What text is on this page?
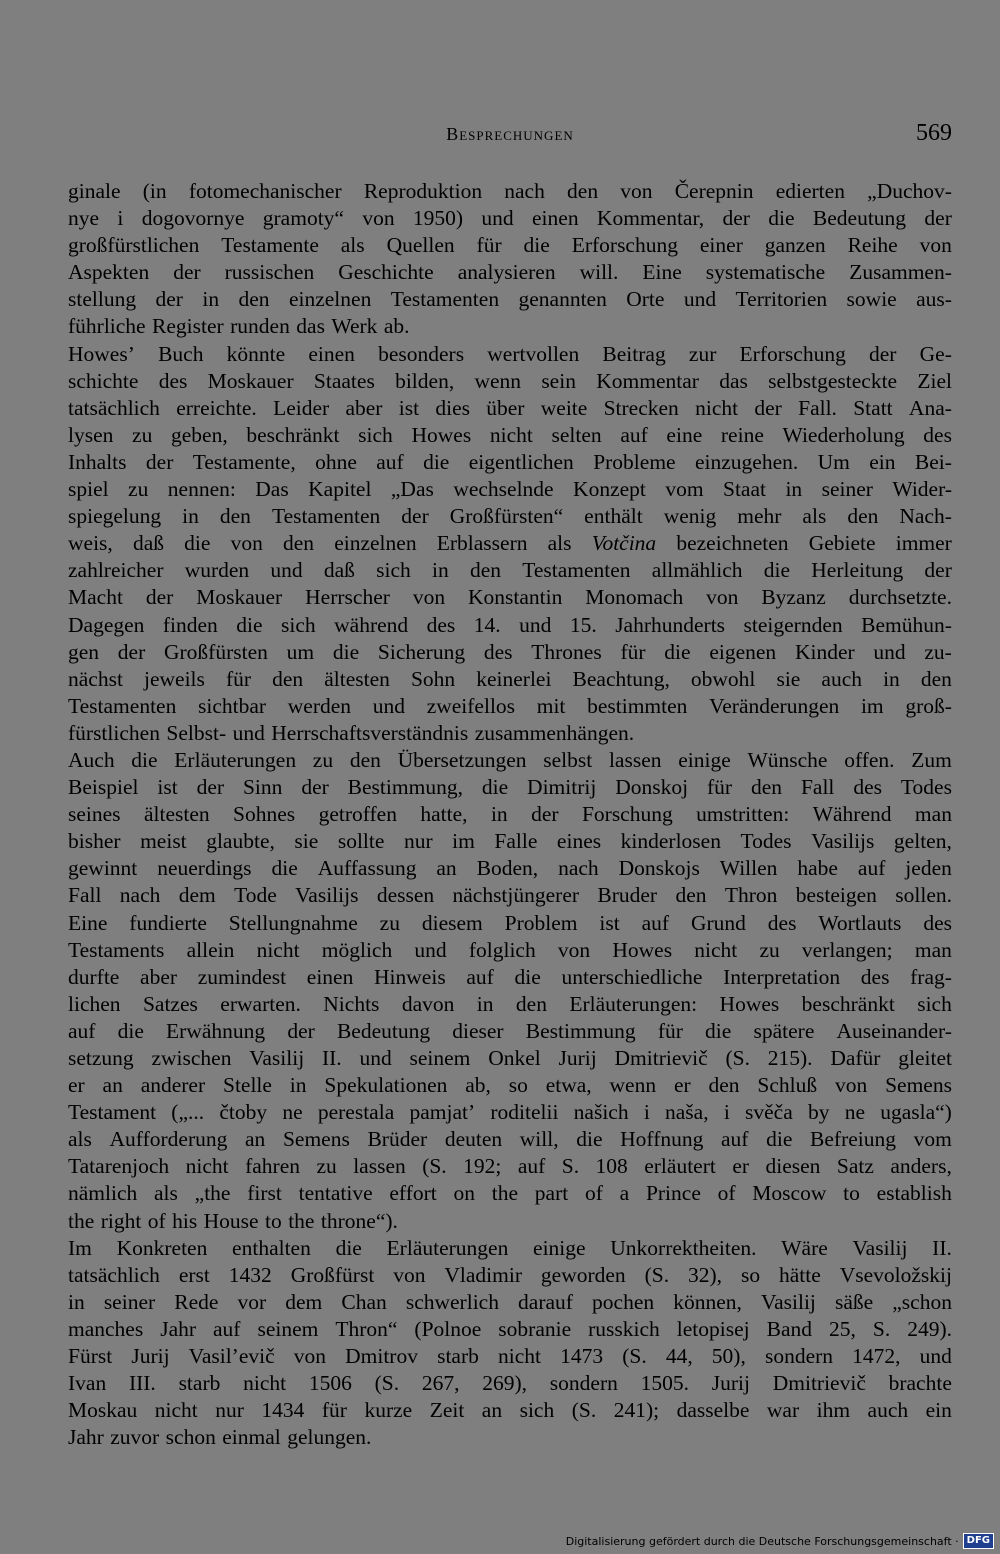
Besprechungen	569
ginale (in fotomechanischer Reproduktion nach den von Čerepnin edierten „Duchov-
nye i dogovornye gramoty“ von 1950) und einen Kommentar, der die Bedeutung der
großfürstlichen Testamente als Quellen für die Erforschung einer ganzen Reihe von
Aspekten der russischen Geschichte analysieren will. Eine systematische Zusammen-
stellung der in den einzelnen Testamenten genannten Orte und Territorien sowie aus-
führliche Register runden das Werk ab.
Howes’ Buch könnte einen besonders wertvollen Beitrag zur Erforschung der Ge-
schichte des Moskauer Staates bilden, wenn sein Kommentar das selbstgesteckte Ziel
tatsächlich erreichte. Leider aber ist dies über weite Strecken nicht der Fall. Statt Ana-
lysen zu geben, beschränkt sich Howes nicht selten auf eine reine Wiederholung des
Inhalts der Testamente, ohne auf die eigentlichen Probleme einzugehen. Um ein Bei-
spiel zu nennen: Das Kapitel „Das wechselnde Konzept vom Staat in seiner Wider-
spiegelung in den Testamenten der Großfürsten“ enthält wenig mehr als den Nach-
weis, daß die von den einzelnen Erblassern als Votčina bezeichneten Gebiete immer
zahlreicher wurden und daß sich in den Testamenten allmählich die Herleitung der
Macht der Moskauer Herrscher von Konstantin Monomach von Byzanz durchsetzte.
Dagegen finden die sich während des 14. und 15. Jahrhunderts steigernden Bemühun-
gen der Großfürsten um die Sicherung des Thrones für die eigenen Kinder und zu-
nächst jeweils für den ältesten Sohn keinerlei Beachtung, obwohl sie auch in den
Testamenten sichtbar werden und zweifellos mit bestimmten Veränderungen im groß-
fürstlichen Selbst- und Herrschaftsverständnis zusammenhängen.
Auch die Erläuterungen zu den Übersetzungen selbst lassen einige Wünsche offen. Zum
Beispiel ist der Sinn der Bestimmung, die Dimitrij Donskoj für den Fall des Todes
seines ältesten Sohnes getroffen hatte, in der Forschung umstritten: Während man
bisher meist glaubte, sie sollte nur im Falle eines kinderlosen Todes Vasilijs gelten,
gewinnt neuerdings die Auffassung an Boden, nach Donskojs Willen habe auf jeden
Fall nach dem Tode Vasilijs dessen nächstjüngerer Bruder den Thron besteigen sollen.
Eine fundierte Stellungnahme zu diesem Problem ist auf Grund des Wortlauts des
Testaments allein nicht möglich und folglich von Howes nicht zu verlangen; man
durfte aber zumindest einen Hinweis auf die unterschiedliche Interpretation des frag-
lichen Satzes erwarten. Nichts davon in den Erläuterungen: Howes beschränkt sich
auf die Erwähnung der Bedeutung dieser Bestimmung für die spätere Auseinander-
setzung zwischen Vasilij II. und seinem Onkel Jurij Dmitrievič (S. 215). Dafür gleitet
er an anderer Stelle in Spekulationen ab, so etwa, wenn er den Schluß von Semens
Testament („... čtoby ne perestala pamjat’ roditelii našich i naša, i svěča by ne ugasla“)
als Aufforderung an Semens Brüder deuten will, die Hoffnung auf die Befreiung vom
Tatarenjoch nicht fahren zu lassen (S. 192; auf S. 108 erläutert er diesen Satz anders,
nämlich als „the first tentative effort on the part of a Prince of Moscow to establish
the right of his House to the throne“).
Im Konkreten enthalten die Erläuterungen einige Unkorrektheiten. Wäre Vasilij II.
tatsächlich erst 1432 Großfürst von Vladimir geworden (S. 32), so hätte Vsevoložskij
in seiner Rede vor dem Chan schwerlich darauf pochen können, Vasilij säße „schon
manches Jahr auf seinem Thron“ (Polnoe sobranie russkich letopisej Band 25, S. 249).
Fürst Jurij Vasil’evič von Dmitrov starb nicht 1473 (S. 44, 50), sondern 1472, und
Ivan III. starb nicht 1506 (S. 267, 269), sondern 1505. Jurij Dmitrievič brachte
Moskau nicht nur 1434 für kurze Zeit an sich (S. 241); dasselbe war ihm auch ein
Jahr zuvor schon einmal gelungen.
Digitalisierung gefördert durch die Deutsche Forschungsgemeinschaft · DFG
